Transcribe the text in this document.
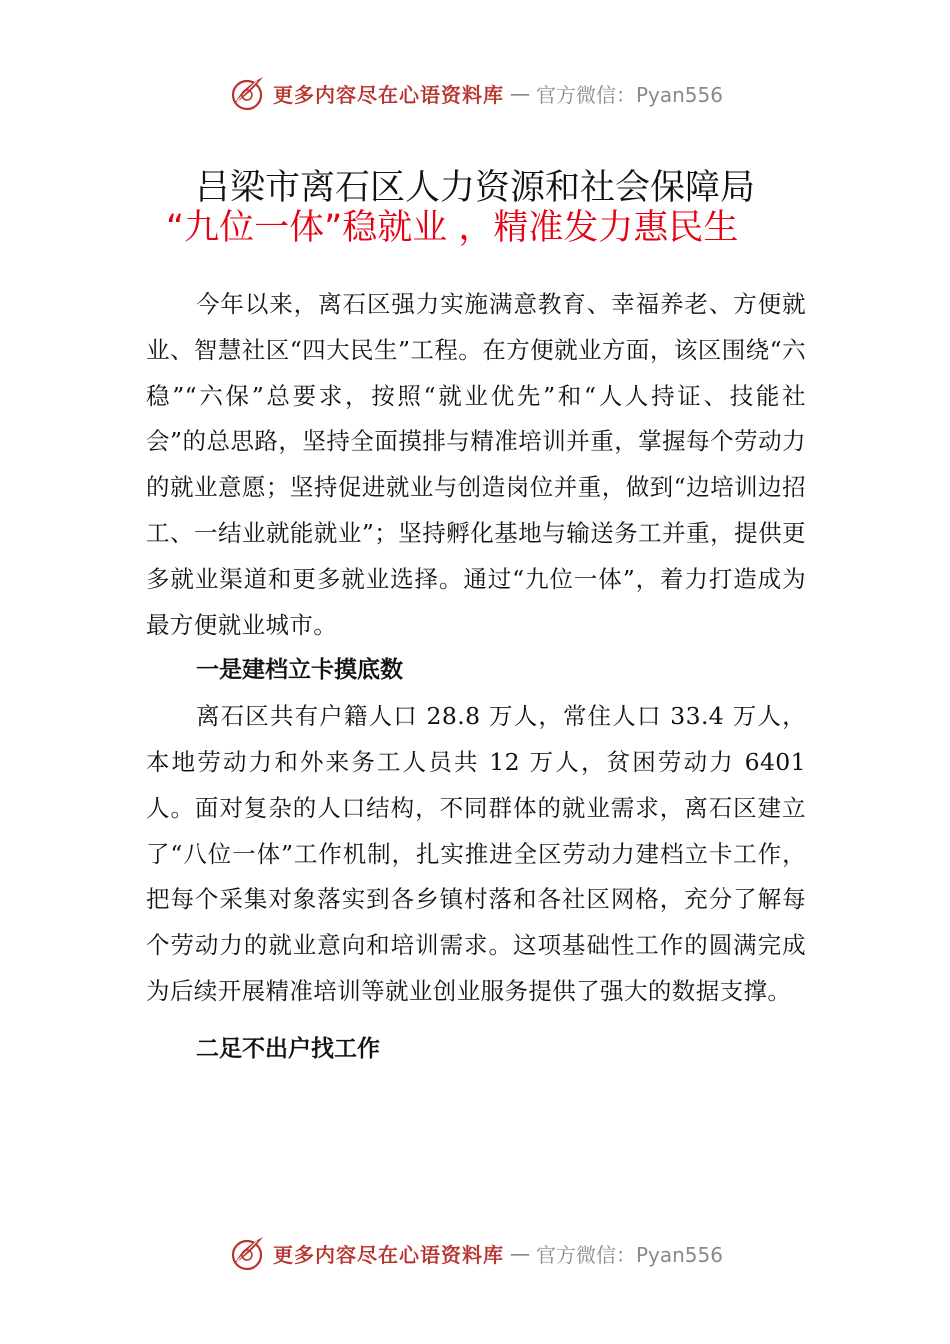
更多内容尽在心语资料库 — 官方微信：Pyan556
吕梁市离石区人力资源和社会保障局
“九位一体”稳就业 ，精准发力惠民生

今年以来，离石区强力实施满意教育、幸福养老、方便就业、智慧社区“四大民生”工程。在方便就业方面，该区围绕“六稳”“六保”总要求，按照“就业优先”和“人人持证、技能社会”的总思路，坚持全面摸排与精准培训并重，掌握每个劳动力的就业意愿；坚持促进就业与创造岗位并重，做到“边培训边招工、一结业就能就业”；坚持孵化基地与输送务工并重，提供更多就业渠道和更多就业选择。通过“九位一体”，着力打造成为最方便就业城市。

一是建档立卡摸底数

离石区共有户籍人口 28.8 万人，常住人口 33.4 万人，本地劳动力和外来务工人员共 12 万人，贫困劳动力 6401 人。面对复杂的人口结构，不同群体的就业需求，离石区建立了“八位一体”工作机制，扎实推进全区劳动力建档立卡工作，把每个采集对象落实到各乡镇村落和各社区网格，充分了解每个劳动力的就业意向和培训需求。这项基础性工作的圆满完成为后续开展精准培训等就业创业服务提供了强大的数据支撑。

二足不出户找工作

更多内容尽在心语资料库 — 官方微信：Pyan556
